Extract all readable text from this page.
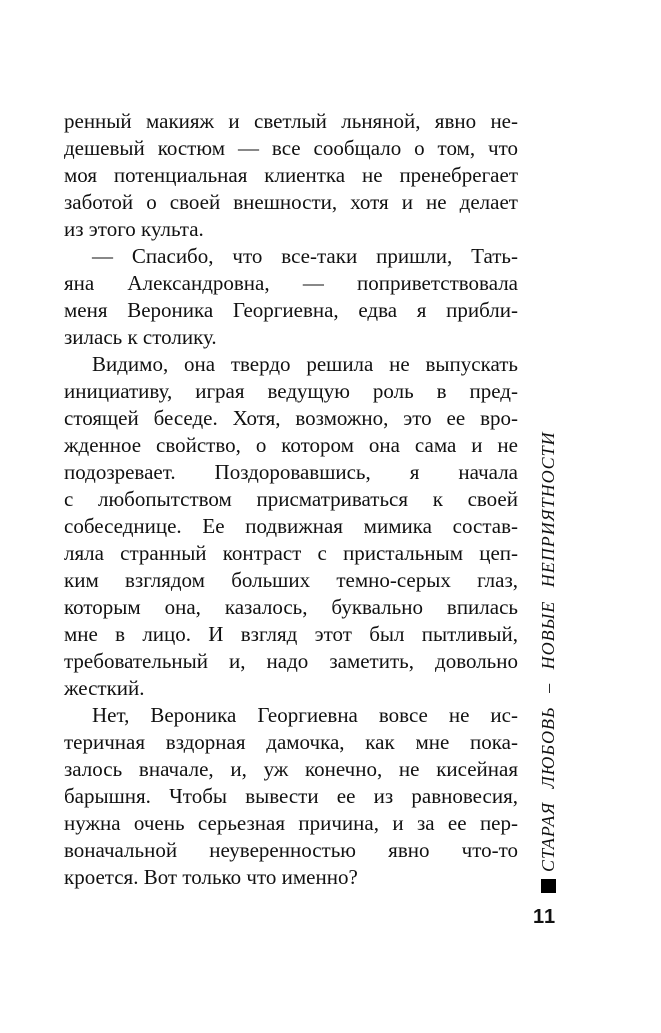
ренный макияж и светлый льняной, явно не-
дешевый костюм — все сообщало о том, что
моя потенциальная клиентка не пренебрегает
заботой о своей внешности, хотя и не делает
из этого культа.
— Спасибо, что все-таки пришли, Тать-
яна Александровна, — поприветствовала
меня Вероника Георгиевна, едва я прибли-
зилась к столику.
Видимо, она твердо решила не выпускать
инициативу, играя ведущую роль в пред-
стоящей беседе. Хотя, возможно, это ее вро-
жденное свойство, о котором она сама и не
подозревает. Поздоровавшись, я начала
с любопытством присматриваться к своей
собеседнице. Ее подвижная мимика состав-
ляла странный контраст с пристальным цеп-
ким взглядом больших темно-серых глаз,
которым она, казалось, буквально впилась
мне в лицо. И взгляд этот был пытливый,
требовательный и, надо заметить, довольно
жесткий.
Нет, Вероника Георгиевна вовсе не ис-
теричная вздорная дамочка, как мне пока-
залось вначале, и, уж конечно, не кисейная
барышня. Чтобы вывести ее из равновесия,
нужна очень серьезная причина, и за ее пер-
воначальной неуверенностью явно что-то
кроется. Вот только что именно?
СТАРАЯ ЛЮБОВЬ – НОВЫЕ НЕПРИЯТНОСТИ
11
